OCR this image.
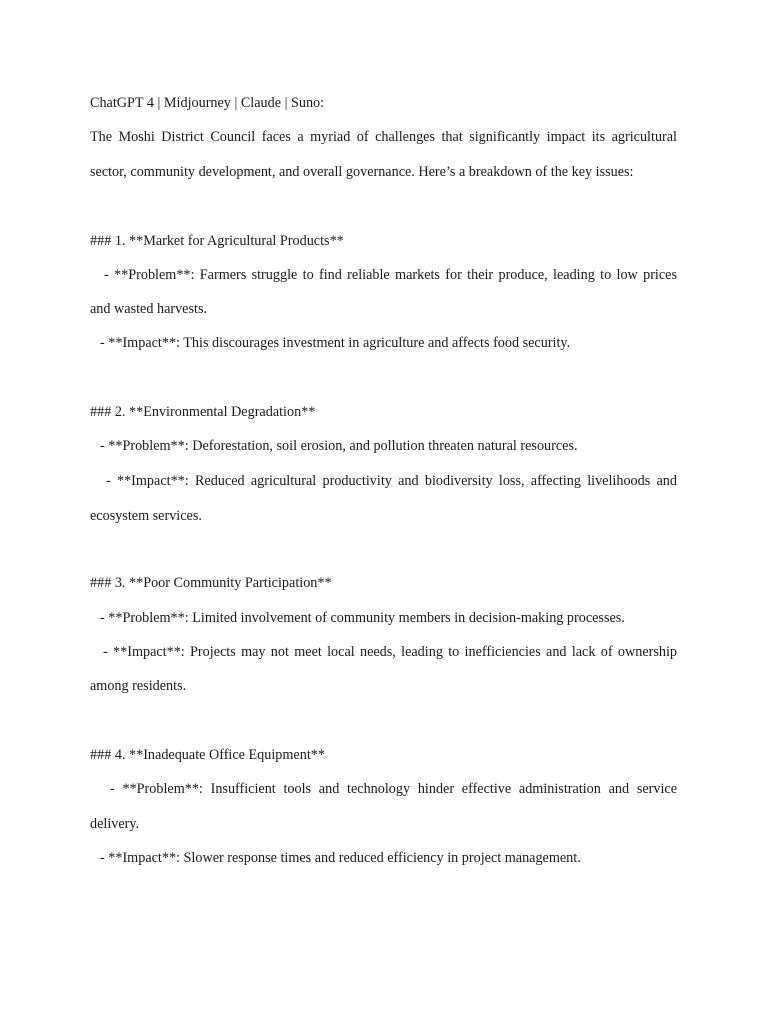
ChatGPT 4 | Midjourney | Claude | Suno:
The Moshi District Council faces a myriad of challenges that significantly impact its agricultural
sector, community development, and overall governance. Here’s a breakdown of the key issues:
### 1. **Market for Agricultural Products**
- **Problem**: Farmers struggle to find reliable markets for their produce, leading to low prices
and wasted harvests.
- **Impact**: This discourages investment in agriculture and affects food security.
### 2. **Environmental Degradation**
- **Problem**: Deforestation, soil erosion, and pollution threaten natural resources.
- **Impact**: Reduced agricultural productivity and biodiversity loss, affecting livelihoods and
ecosystem services.
### 3. **Poor Community Participation**
- **Problem**: Limited involvement of community members in decision-making processes.
- **Impact**: Projects may not meet local needs, leading to inefficiencies and lack of ownership
among residents.
### 4. **Inadequate Office Equipment**
- **Problem**: Insufficient tools and technology hinder effective administration and service
delivery.
- **Impact**: Slower response times and reduced efficiency in project management.
